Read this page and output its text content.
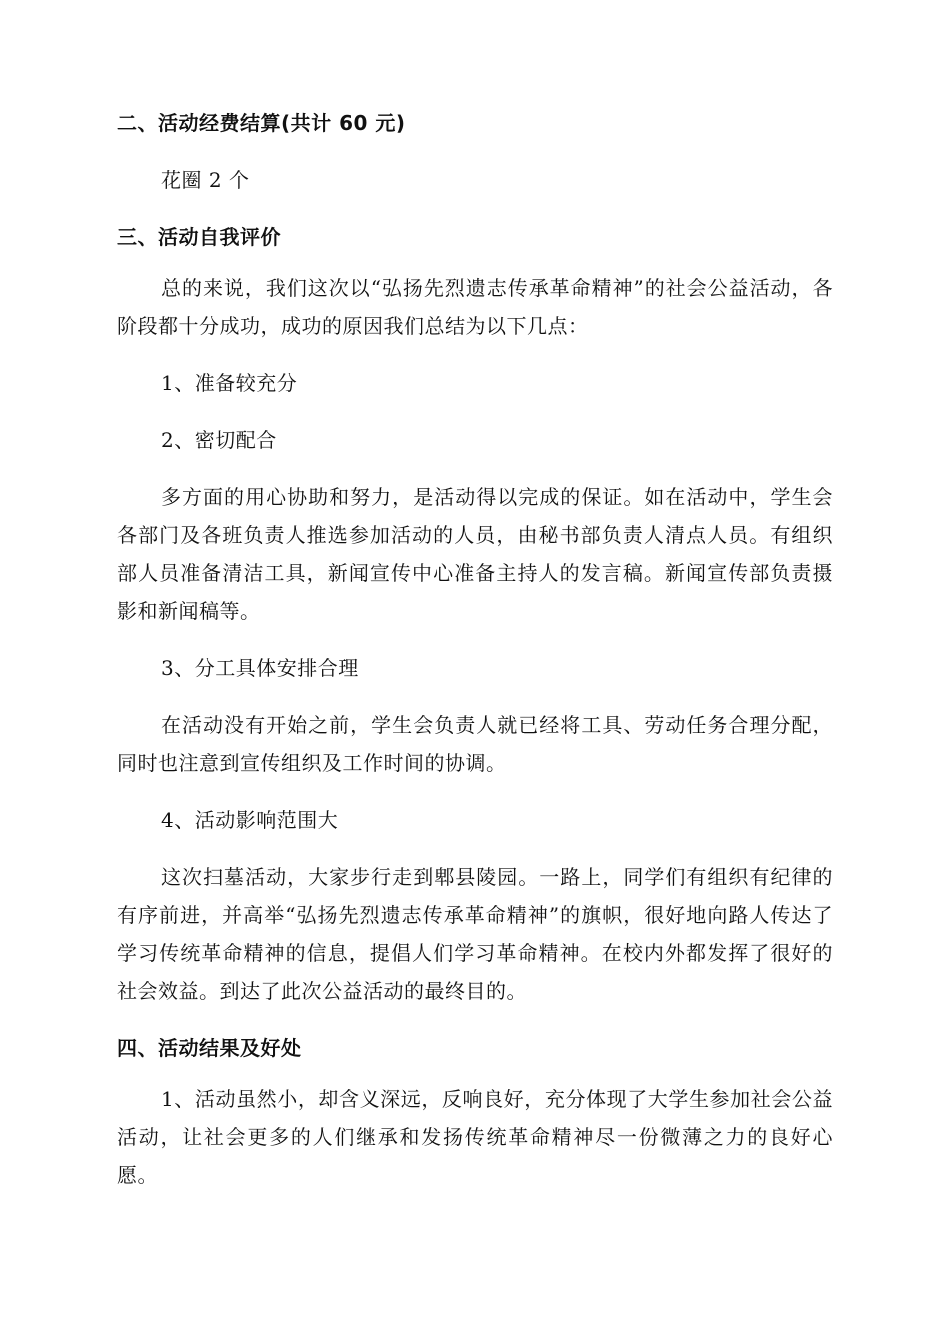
二、活动经费结算(共计 60 元)

花圈 2 个

三、活动自我评价

总的来说，我们这次以“弘扬先烈遗志传承革命精神”的社会公益活动，各阶段都十分成功，成功的原因我们总结为以下几点：

1、准备较充分

2、密切配合

多方面的用心协助和努力，是活动得以完成的保证。如在活动中，学生会各部门及各班负责人推选参加活动的人员，由秘书部负责人清点人员。有组织部人员准备清洁工具，新闻宣传中心准备主持人的发言稿。新闻宣传部负责摄影和新闻稿等。

3、分工具体安排合理

在活动没有开始之前，学生会负责人就已经将工具、劳动任务合理分配，同时也注意到宣传组织及工作时间的协调。

4、活动影响范围大

这次扫墓活动，大家步行走到郫县陵园。一路上，同学们有组织有纪律的有序前进，并高举“弘扬先烈遗志传承革命精神”的旗帜，很好地向路人传达了学习传统革命精神的信息，提倡人们学习革命精神。在校内外都发挥了很好的社会效益。到达了此次公益活动的最终目的。

四、活动结果及好处

1、活动虽然小，却含义深远，反响良好，充分体现了大学生参加社会公益活动，让社会更多的人们继承和发扬传统革命精神尽一份微薄之力的良好心愿。
